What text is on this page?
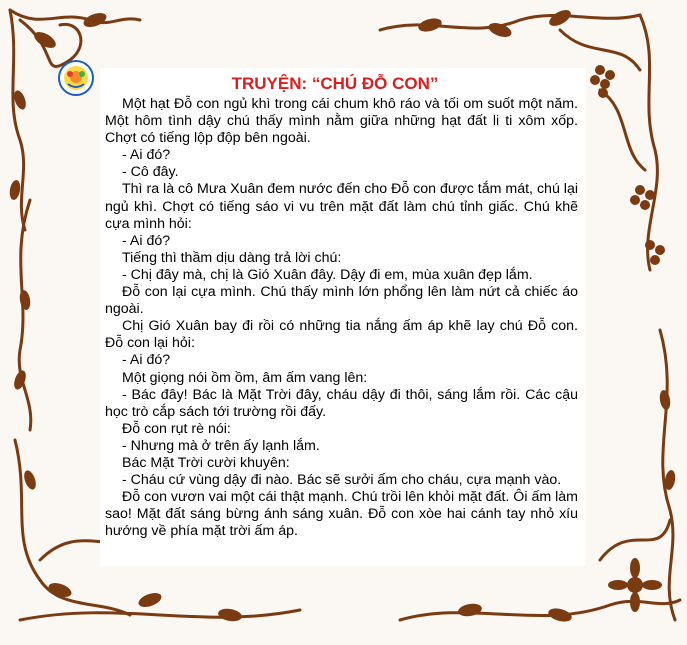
TRUYỆN: “CHÚ ĐỖ CON”

Một hạt Đỗ con ngủ khì trong cái chum khô ráo và tối om suốt một năm. Một hôm tình dậy chú thấy mình nằm giữa những hạt đất li ti xôm xốp. Chợt có tiếng lộp độp bên ngoài.

- Ai đó?

- Cô đây.

Thì ra là cô Mưa Xuân đem nước đến cho Đỗ con được tắm mát, chú lại ngủ khì. Chợt có tiếng sáo vi vu trên mặt đất làm chú tỉnh giấc. Chú khẽ cựa mình hỏi:

- Ai đó?

Tiếng thì thầm dịu dàng trả lời chú:

- Chị đây mà, chị là Gió Xuân đây. Dậy đi em, mùa xuân đẹp lắm.

Đỗ con lại cựa mình. Chú thấy mình lớn phổng lên làm nứt cả chiếc áo ngoài.

Chị Gió Xuân bay đi rồi có những tia nắng ấm áp khẽ lay chú Đỗ con. Đỗ con lại hỏi:

- Ai đó?

Một giọng nói ồm ồm, âm ấm vang lên:

- Bác đây! Bác là Mặt Trời đây, cháu dậy đi thôi, sáng lắm rồi. Các cậu học trò cắp sách tới trường rồi đấy.

Đỗ con rụt rè nói:

- Nhưng mà ở trên ấy lạnh lắm.

Bác Mặt Trời cười khuyên:

- Cháu cứ vùng dậy đi nào. Bác sẽ sưởi ấm cho cháu, cựa mạnh vào.

Đỗ con vươn vai một cái thật mạnh. Chú trồi lên khỏi mặt đất. Ôi ấm làm sao! Mặt đất sáng bừng ánh sáng xuân. Đỗ con xòe hai cánh tay nhỏ xíu hướng về phía mặt trời ấm áp.
